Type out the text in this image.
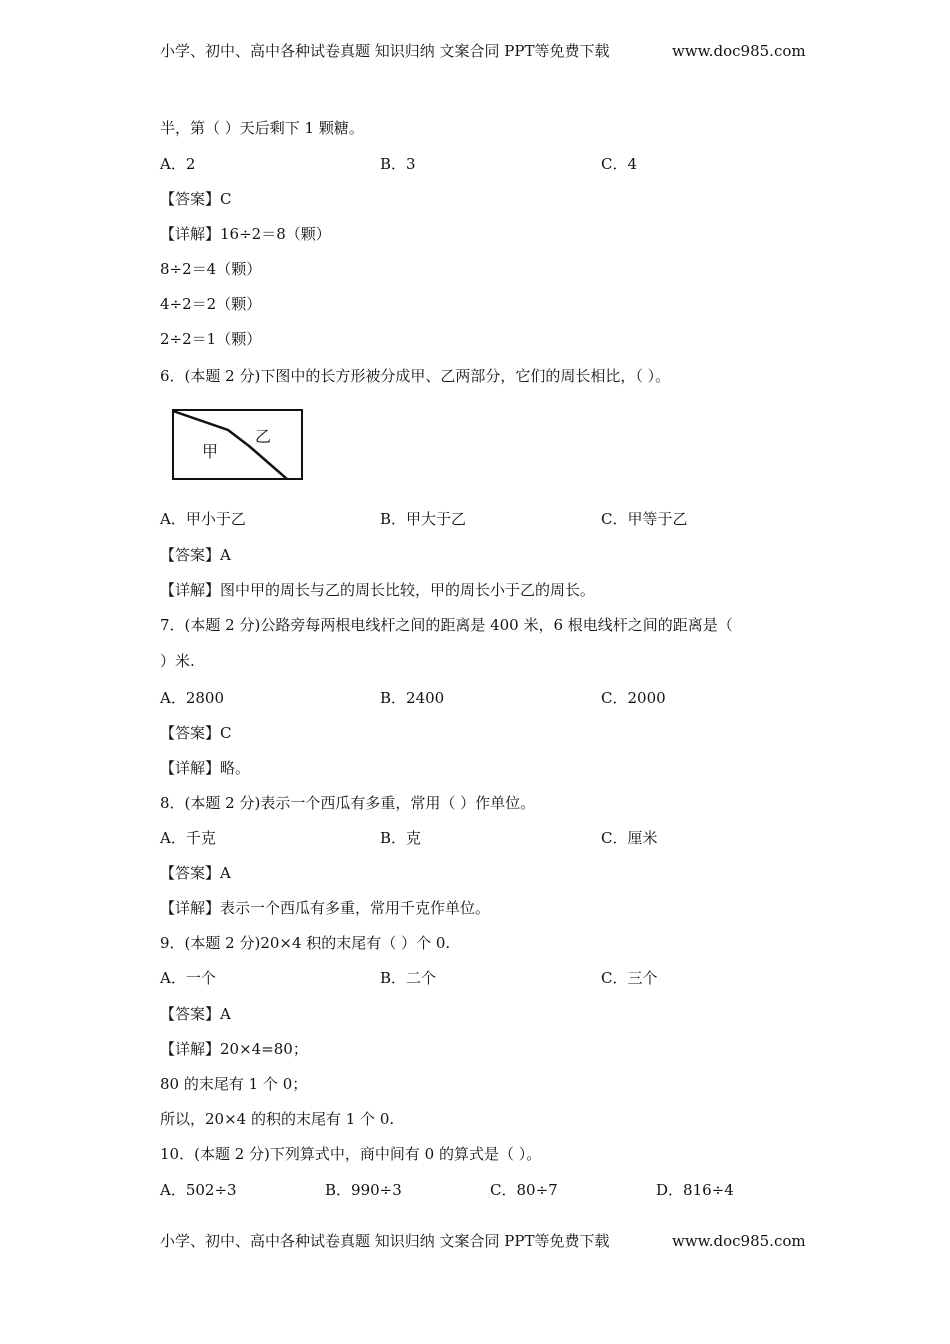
小学、初中、高中各种试卷真题 知识归纳 文案合同 PPT等免费下载	www.doc985.com
半，第（ ）天后剩下 1 颗糖。
A．2	B．3	C．4
【答案】C
【详解】16÷2＝8（颗）
8÷2＝4（颗）
4÷2＝2（颗）
2÷2＝1（颗）
6．(本题 2 分)下图中的长方形被分成甲、乙两部分，它们的周长相比，（ ）。
甲
乙
A．甲小于乙	B．甲大于乙	C．甲等于乙
【答案】A
【详解】图中甲的周长与乙的周长比较，甲的周长小于乙的周长。
7．(本题 2 分)公路旁每两根电线杆之间的距离是 400 米，6 根电线杆之间的距离是（
）米.
A．2800	B．2400	C．2000
【答案】C
【详解】略。
8．(本题 2 分)表示一个西瓜有多重，常用（ ）作单位。
A．千克	B．克	C．厘米
【答案】A
【详解】表示一个西瓜有多重，常用千克作单位。
9．(本题 2 分)20×4 积的末尾有（ ）个 0.
A．一个	B．二个	C．三个
【答案】A
【详解】20×4=80；
80 的末尾有 1 个 0；
所以，20×4 的积的末尾有 1 个 0.
10．(本题 2 分)下列算式中，商中间有 0 的算式是（ ）。
A．502÷3	B．990÷3	C．80÷7	D．816÷4
小学、初中、高中各种试卷真题 知识归纳 文案合同 PPT等免费下载	www.doc985.com
